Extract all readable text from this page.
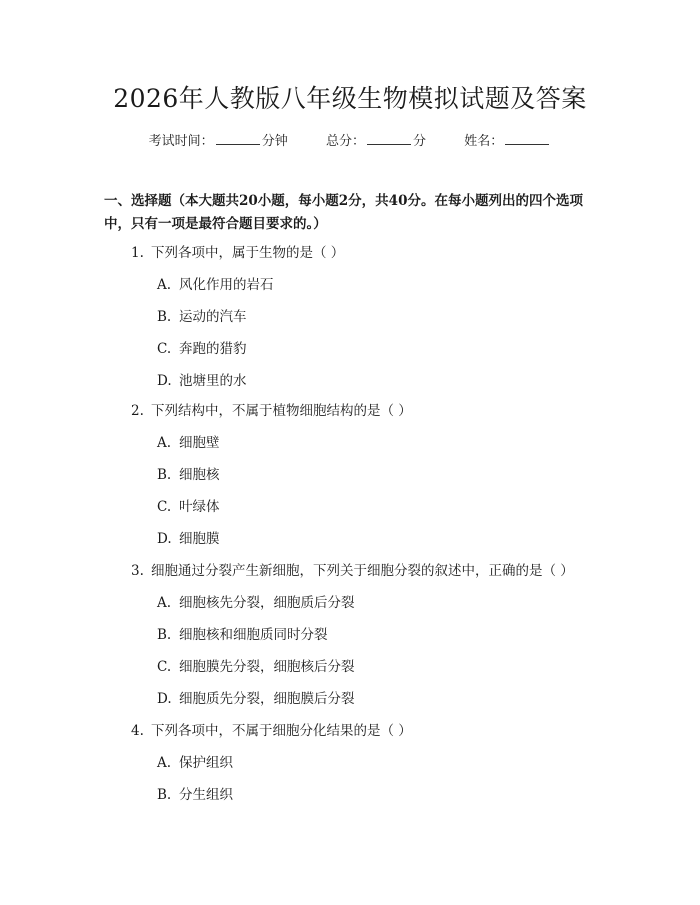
2026年人教版八年级生物模拟试题及答案
考试时间：	分钟	总分：	分	姓名：
一、选择题（本大题共20小题，每小题2分，共40分。在每小题列出的四个选项中，只有一项是最符合题目要求的。）
1. 下列各项中，属于生物的是（ ）
A. 风化作用的岩石
B. 运动的汽车
C. 奔跑的猎豹
D. 池塘里的水
2. 下列结构中，不属于植物细胞结构的是（ ）
A. 细胞壁
B. 细胞核
C. 叶绿体
D. 细胞膜
3. 细胞通过分裂产生新细胞，下列关于细胞分裂的叙述中，正确的是（ ）
A. 细胞核先分裂，细胞质后分裂
B. 细胞核和细胞质同时分裂
C. 细胞膜先分裂，细胞核后分裂
D. 细胞质先分裂，细胞膜后分裂
4. 下列各项中，不属于细胞分化结果的是（ ）
A. 保护组织
B. 分生组织
